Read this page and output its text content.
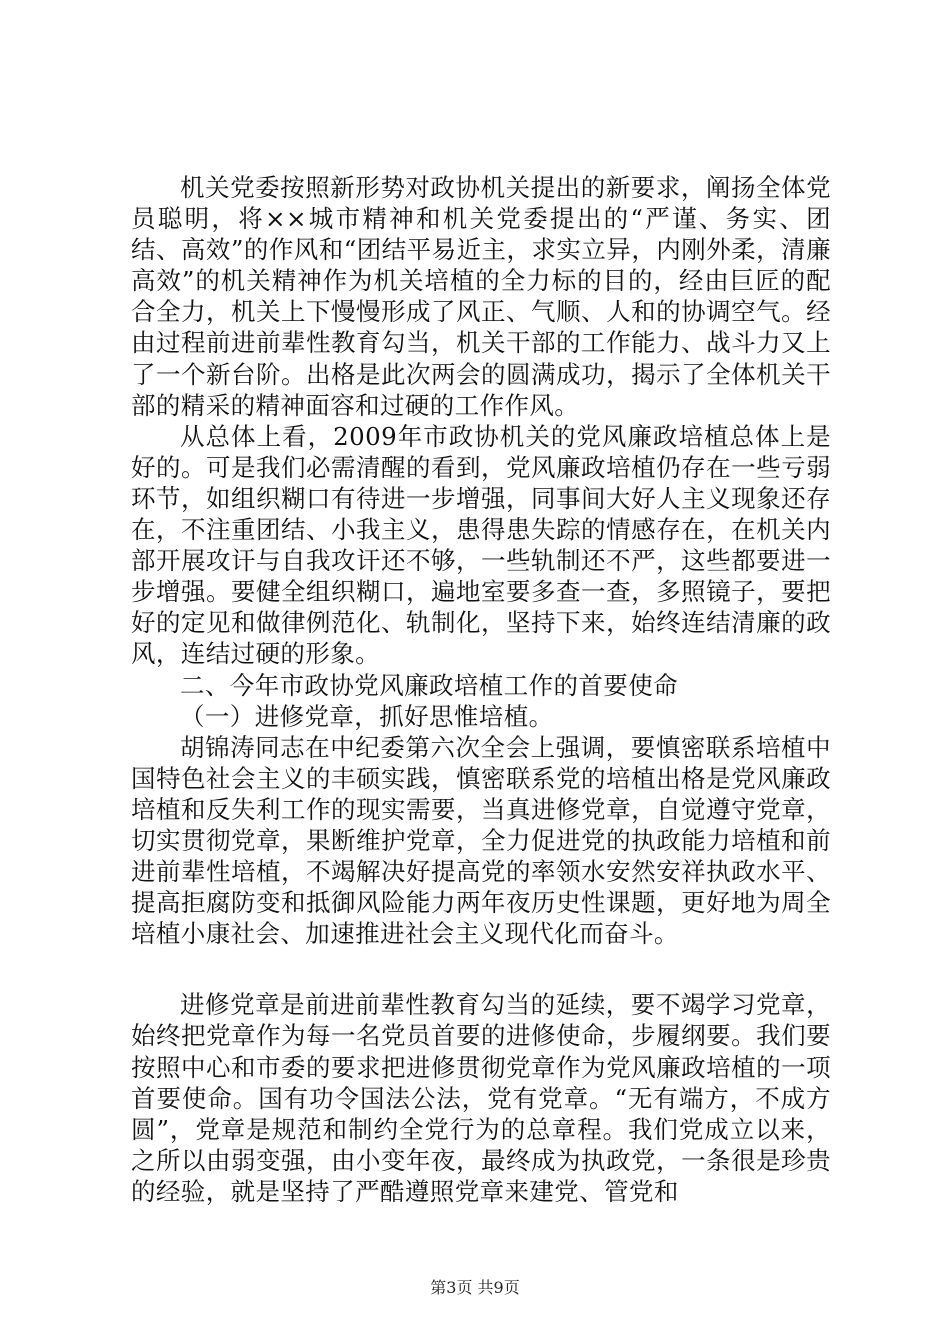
机关党委按照新形势对政协机关提出的新要求，阐扬全体党员聪明，将××城市精神和机关党委提出的“严谨、务实、团结、高效”的作风和“团结平易近主，求实立异，内刚外柔，清廉高效”的机关精神作为机关培植的全力标的目的，经由巨匠的配合全力，机关上下慢慢形成了风正、气顺、人和的协调空气。经由过程前进前辈性教育勾当，机关干部的工作能力、战斗力又上了一个新台阶。出格是此次两会的圆满成功，揭示了全体机关干部的精采的精神面容和过硬的工作作风。

从总体上看，2009年市政协机关的党风廉政培植总体上是好的。可是我们必需清醒的看到，党风廉政培植仍存在一些亏弱环节，如组织糊口有待进一步增强，同事间大好人主义现象还存在，不注重团结、小我主义，患得患失踪的情感存在，在机关内部开展攻讦与自我攻讦还不够，一些轨制还不严，这些都要进一步增强。要健全组织糊口，遍地室要多查一查，多照镜子，要把好的定见和做律例范化、轨制化，坚持下来，始终连结清廉的政风，连结过硬的形象。

二、今年市政协党风廉政培植工作的首要使命

（一）进修党章，抓好思惟培植。

胡锦涛同志在中纪委第六次全会上强调，要慎密联系培植中国特色社会主义的丰硕实践，慎密联系党的培植出格是党风廉政培植和反失利工作的现实需要，当真进修党章，自觉遵守党章，切实贯彻党章，果断维护党章，全力促进党的执政能力培植和前进前辈性培植，不竭解决好提高党的率领水安然安祥执政水平、提高拒腐防变和抵御风险能力两年夜历史性课题，更好地为周全培植小康社会、加速推进社会主义现代化而奋斗。

进修党章是前进前辈性教育勾当的延续，要不竭学习党章，始终把党章作为每一名党员首要的进修使命，步履纲要。我们要按照中心和市委的要求把进修贯彻党章作为党风廉政培植的一项首要使命。国有功令国法公法，党有党章。“无有端方，不成方圆”，党章是规范和制约全党行为的总章程。我们党成立以来，之所以由弱变强，由小变年夜，最终成为执政党，一条很是珍贵的经验，就是坚持了严酷遵照党章来建党、管党和

第3页 共9页
